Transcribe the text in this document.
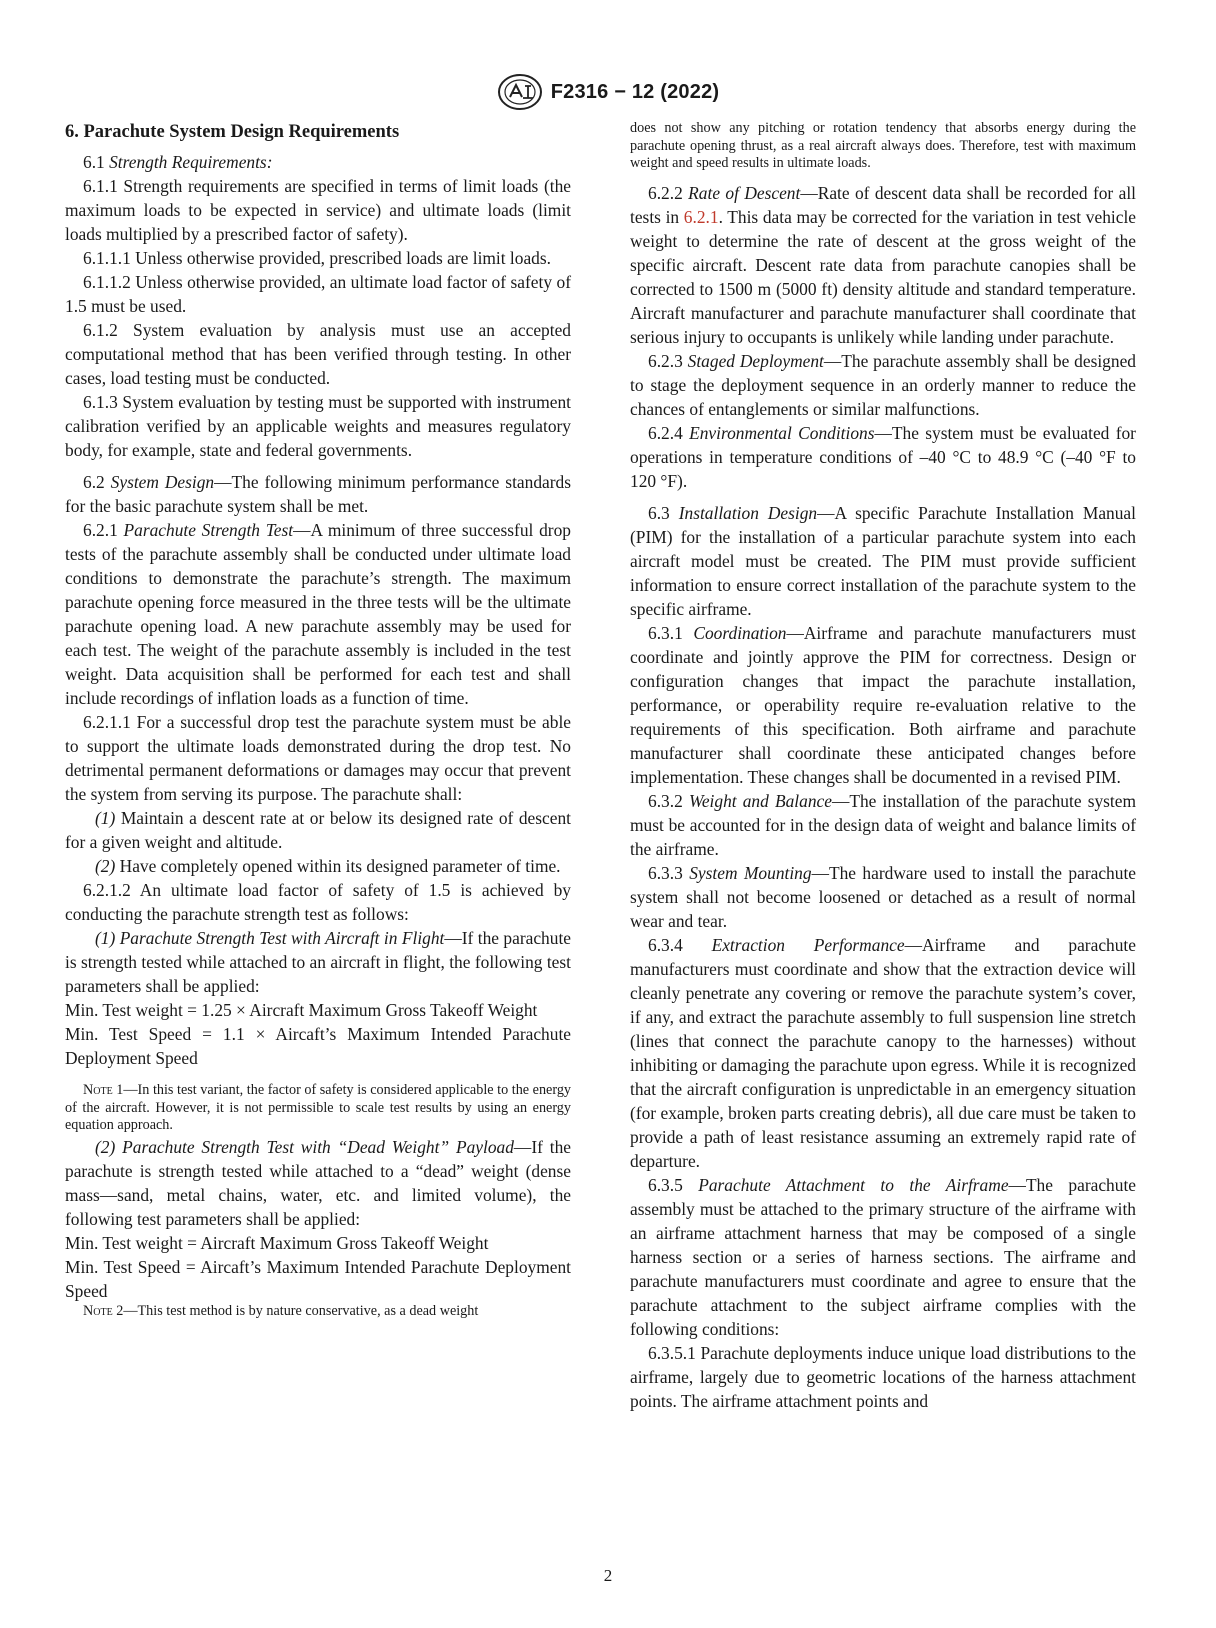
F2316 − 12 (2022)
6. Parachute System Design Requirements

6.1 Strength Requirements:

6.1.1 Strength requirements are specified in terms of limit loads (the maximum loads to be expected in service) and ultimate loads (limit loads multiplied by a prescribed factor of safety).

6.1.1.1 Unless otherwise provided, prescribed loads are limit loads.

6.1.1.2 Unless otherwise provided, an ultimate load factor of safety of 1.5 must be used.

6.1.2 System evaluation by analysis must use an accepted computational method that has been verified through testing. In other cases, load testing must be conducted.

6.1.3 System evaluation by testing must be supported with instrument calibration verified by an applicable weights and measures regulatory body, for example, state and federal governments.

6.2 System Design—The following minimum performance standards for the basic parachute system shall be met.

6.2.1 Parachute Strength Test—A minimum of three successful drop tests of the parachute assembly shall be conducted under ultimate load conditions to demonstrate the parachute’s strength. The maximum parachute opening force measured in the three tests will be the ultimate parachute opening load. A new parachute assembly may be used for each test. The weight of the parachute assembly is included in the test weight. Data acquisition shall be performed for each test and shall include recordings of inflation loads as a function of time.

6.2.1.1 For a successful drop test the parachute system must be able to support the ultimate loads demonstrated during the drop test. No detrimental permanent deformations or damages may occur that prevent the system from serving its purpose. The parachute shall:

(1) Maintain a descent rate at or below its designed rate of descent for a given weight and altitude.

(2) Have completely opened within its designed parameter of time.

6.2.1.2 An ultimate load factor of safety of 1.5 is achieved by conducting the parachute strength test as follows:

(1) Parachute Strength Test with Aircraft in Flight—If the parachute is strength tested while attached to an aircraft in flight, the following test parameters shall be applied:

Min. Test weight = 1.25 × Aircraft Maximum Gross Takeoff Weight

Min. Test Speed = 1.1 × Aircaft’s Maximum Intended Parachute Deployment Speed

Note 1—In this test variant, the factor of safety is considered applicable to the energy of the aircraft. However, it is not permissible to scale test results by using an energy equation approach.

(2) Parachute Strength Test with “Dead Weight” Payload—If the parachute is strength tested while attached to a “dead” weight (dense mass—sand, metal chains, water, etc. and limited volume), the following test parameters shall be applied:

Min. Test weight = Aircraft Maximum Gross Takeoff Weight

Min. Test Speed = Aircaft’s Maximum Intended Parachute Deployment Speed

Note 2—This test method is by nature conservative, as a dead weight

does not show any pitching or rotation tendency that absorbs energy during the parachute opening thrust, as a real aircraft always does. Therefore, test with maximum weight and speed results in ultimate loads.

6.2.2 Rate of Descent—Rate of descent data shall be recorded for all tests in 6.2.1. This data may be corrected for the variation in test vehicle weight to determine the rate of descent at the gross weight of the specific aircraft. Descent rate data from parachute canopies shall be corrected to 1500 m (5000 ft) density altitude and standard temperature. Aircraft manufacturer and parachute manufacturer shall coordinate that serious injury to occupants is unlikely while landing under parachute.

6.2.3 Staged Deployment—The parachute assembly shall be designed to stage the deployment sequence in an orderly manner to reduce the chances of entanglements or similar malfunctions.

6.2.4 Environmental Conditions—The system must be evaluated for operations in temperature conditions of –40 °C to 48.9 °C (–40 °F to 120 °F).

6.3 Installation Design—A specific Parachute Installation Manual (PIM) for the installation of a particular parachute system into each aircraft model must be created. The PIM must provide sufficient information to ensure correct installation of the parachute system to the specific airframe.

6.3.1 Coordination—Airframe and parachute manufacturers must coordinate and jointly approve the PIM for correctness. Design or configuration changes that impact the parachute installation, performance, or operability require re-evaluation relative to the requirements of this specification. Both airframe and parachute manufacturer shall coordinate these anticipated changes before implementation. These changes shall be documented in a revised PIM.

6.3.2 Weight and Balance—The installation of the parachute system must be accounted for in the design data of weight and balance limits of the airframe.

6.3.3 System Mounting—The hardware used to install the parachute system shall not become loosened or detached as a result of normal wear and tear.

6.3.4 Extraction Performance—Airframe and parachute manufacturers must coordinate and show that the extraction device will cleanly penetrate any covering or remove the parachute system’s cover, if any, and extract the parachute assembly to full suspension line stretch (lines that connect the parachute canopy to the harnesses) without inhibiting or damaging the parachute upon egress. While it is recognized that the aircraft configuration is unpredictable in an emergency situation (for example, broken parts creating debris), all due care must be taken to provide a path of least resistance assuming an extremely rapid rate of departure.

6.3.5 Parachute Attachment to the Airframe—The parachute assembly must be attached to the primary structure of the airframe with an airframe attachment harness that may be composed of a single harness section or a series of harness sections. The airframe and parachute manufacturers must coordinate and agree to ensure that the parachute attachment to the subject airframe complies with the following conditions:

6.3.5.1 Parachute deployments induce unique load distributions to the airframe, largely due to geometric locations of the harness attachment points. The airframe attachment points and

2
